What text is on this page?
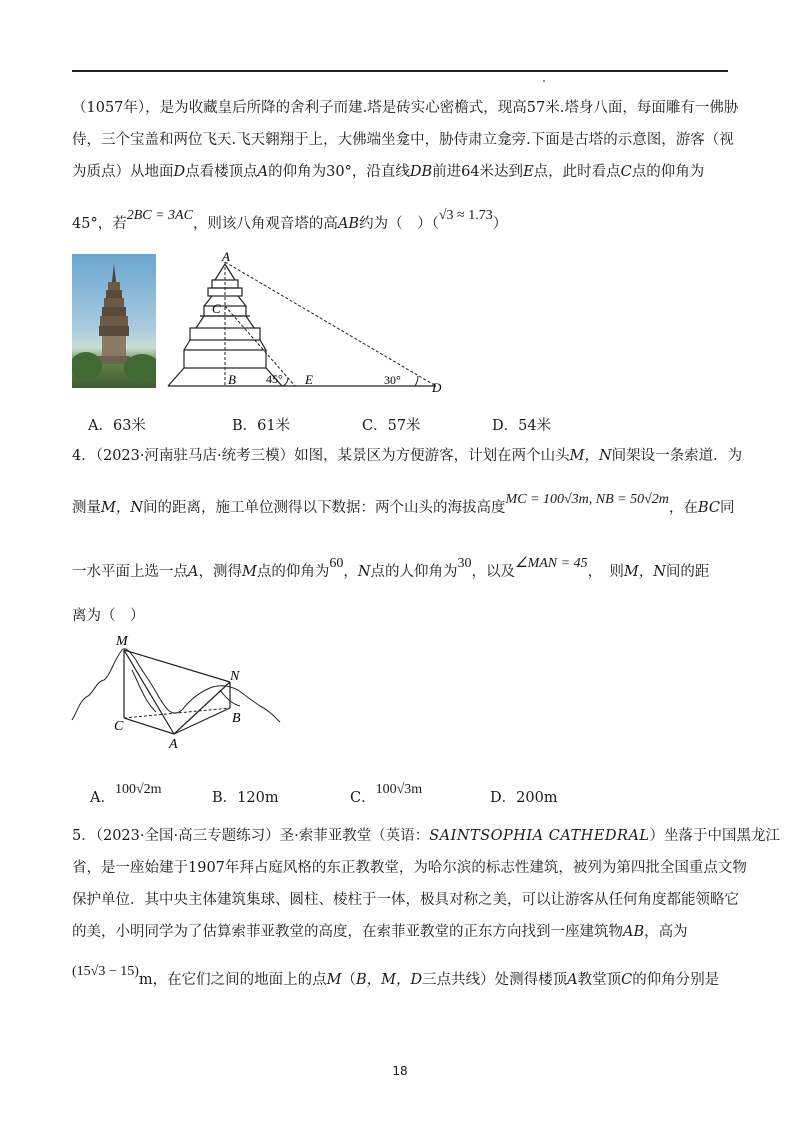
（1057年），是为收藏皇后所降的舍利子而建.塔是砖实心密檐式，现高57米.塔身八面，每面雕有一佛胁
侍，三个宝盖和两位飞天.飞天翱翔于上，大佛端坐龛中，胁侍肃立龛旁.下面是古塔的示意图，游客（视
为质点）从地面D点看楼顶点A的仰角为30°，沿直线DB前进64米达到E点，此时看点C点的仰角为
45°，若2BC = 3AC，则该八角观音塔的高AB约为（　）（√3 ≈ 1.73）
A
C
B	45° E	30° D
A．63米	B．61米	C．57米	D．54米
4．（2023·河南驻马店·统考三模）如图，某景区为方便游客，计划在两个山头M，N间架设一条索道．为
测量M，N间的距离，施工单位测得以下数据：两个山头的海拔高度MC = 100√3m, NB = 50√2m，在BC同
一水平面上选一点A，测得M点的仰角为60，N点的人仰角为30，以及∠MAN = 45，　则M，N间的距
离为（　）
M
N
C
B
A
A．100√2m
B．120m	C．100√3m
D．200m
5．（2023·全国·高三专题练习）圣·索菲亚教堂（英语：SAINTSOPHIA CATHEDRAL）坐落于中国黑龙江
省，是一座始建于1907年拜占庭风格的东正教教堂，为哈尔滨的标志性建筑，被列为第四批全国重点文物
保护单位．其中央主体建筑集球、圆柱、棱柱于一体，极具对称之美，可以让游客从任何角度都能领略它
的美，小明同学为了估算索菲亚教堂的高度，在索菲亚教堂的正东方向找到一座建筑物AB，高为
(15√3 − 15)m，在它们之间的地面上的点M（B，M，D三点共线）处测得楼顶A教堂顶C的仰角分别是
18
